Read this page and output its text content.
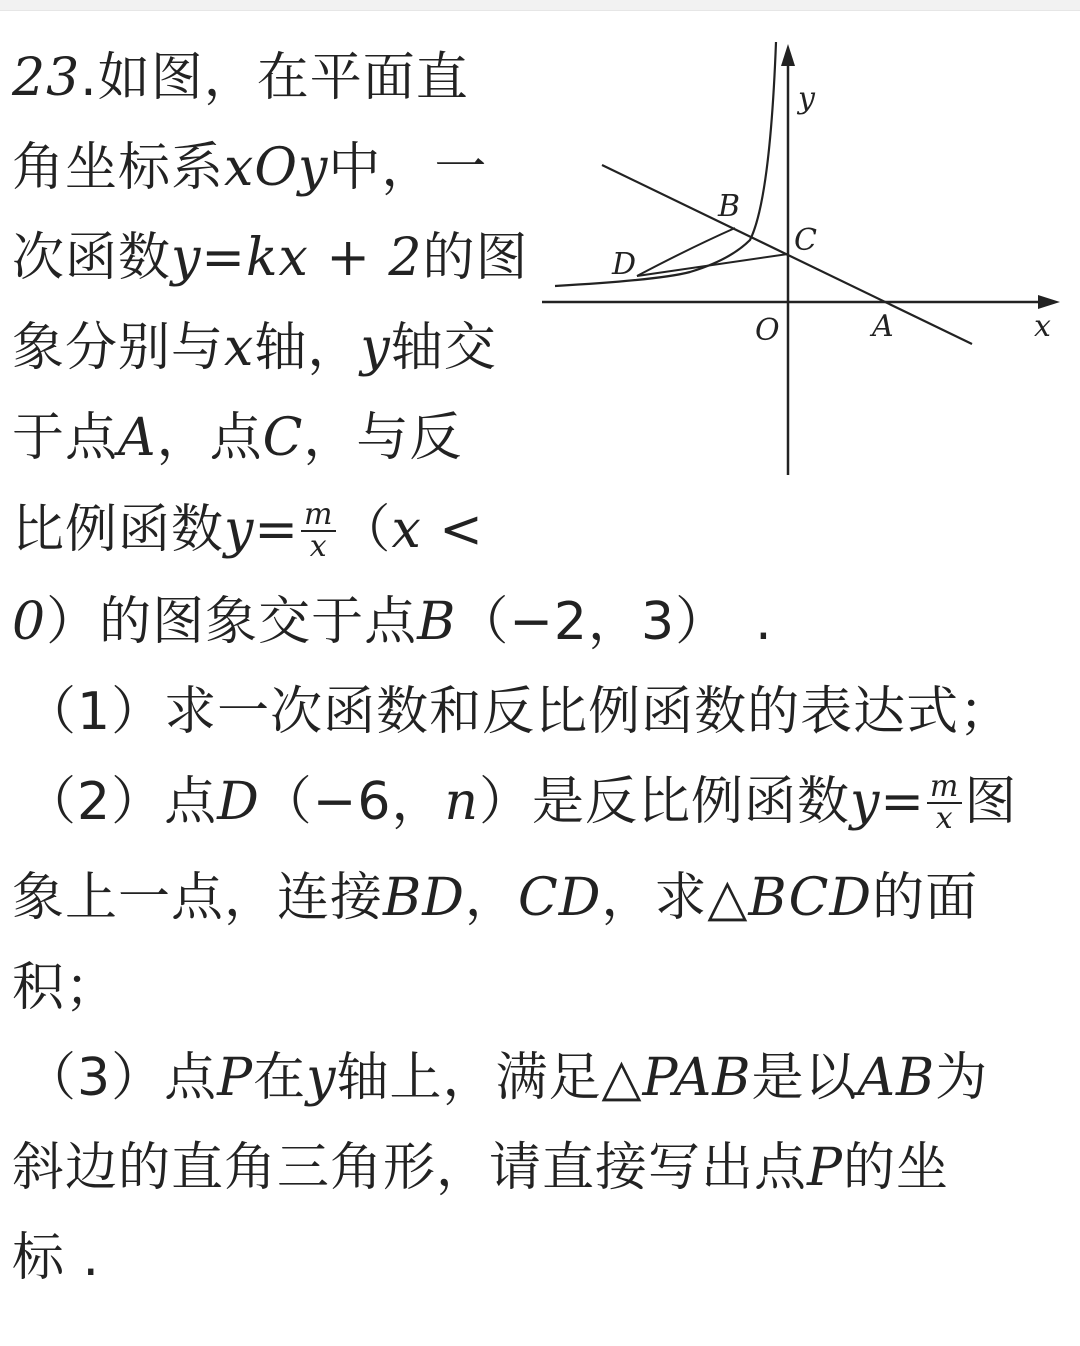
23.如图，在平面直
角坐标系xOy中，一
次函数y=kx + 2的图
象分别与x轴，y轴交
于点A，点C，与反
比例函数$y= \frac{m}{x} (x$ <
0）的图象交于点B（−2，3）　.
（1）求一次函数和反比例函数的表达式；
（2）点D（−6，n）是反比例函数$y= \frac{m}{x}$ 图
象上一点，连接BD，CD，求△BCD的面
积；
（3）点P在y轴上，满足△PAB是以AB为
斜边的直角三角形，请直接写出点P的坐
标 .
y
x
O	A
B
C
D
